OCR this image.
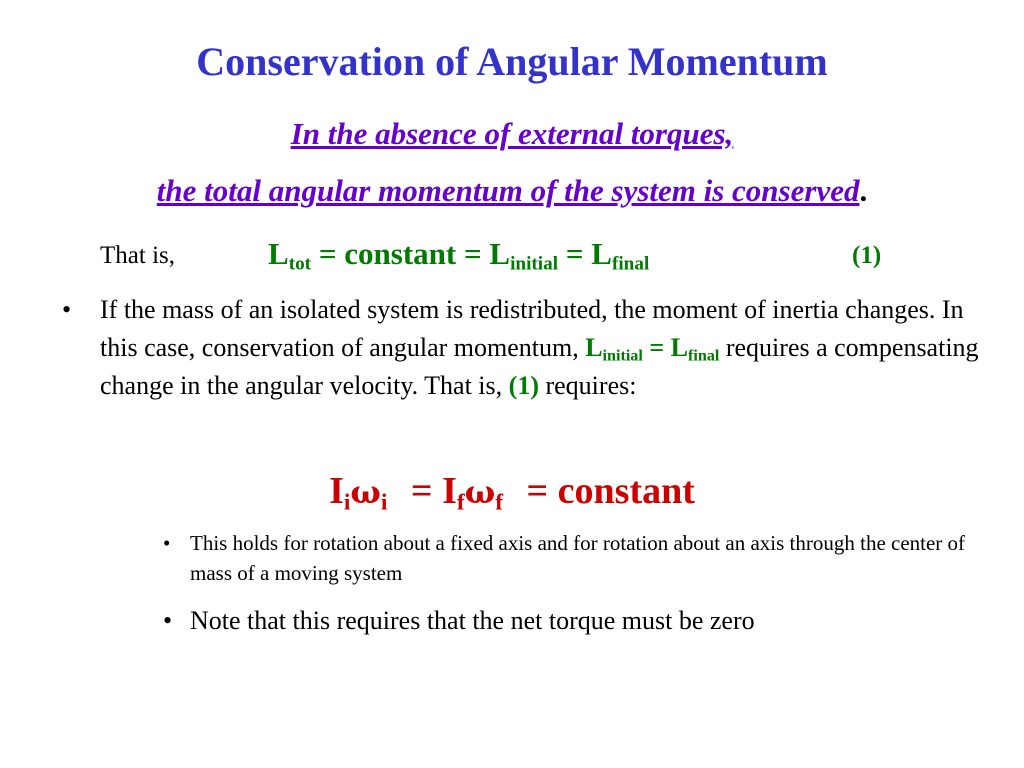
Conservation of Angular Momentum
In the absence of external torques,
the total angular momentum of the system is conserved.
That is,	$L_{tot}$ = constant = $L_{initial} = L_{final}$	(1)
• If the mass of an isolated system is redistributed, the moment of inertia changes. In this case, conservation of angular momentum, $L_{initial} = L_{final}$ requires a compensating change in the angular velocity. That is, (1) requires:
$I_i\omega_i = I_f\omega_f$ = constant
• This holds for rotation about a fixed axis and for rotation about an axis through the center of mass of a moving system
• Note that this requires that the net torque must be zero
